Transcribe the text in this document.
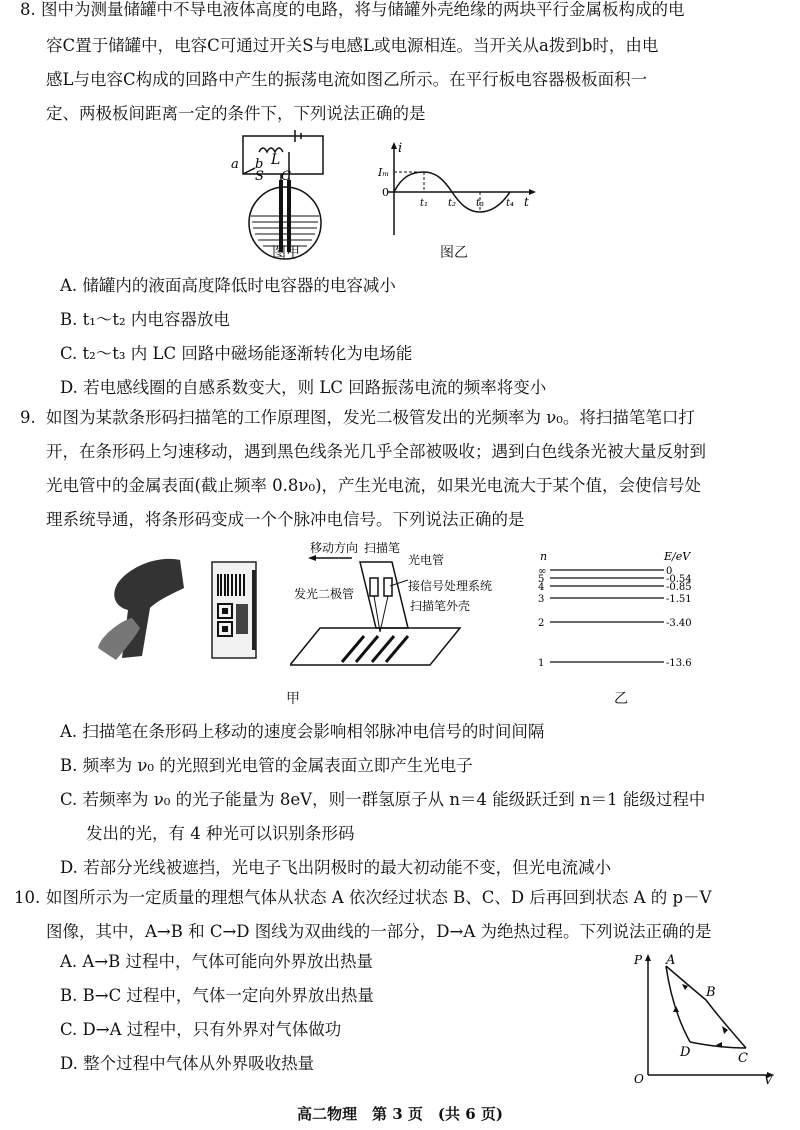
8. 图中为测量储罐中不导电液体高度的电路，将与储罐外壳绝缘的两块平行金属板构成的电
容C置于储罐中，电容C可通过开关S与电感L或电源相连。当开关从a拨到b时，由电
感L与电容C构成的回路中产生的振荡电流如图乙所示。在平行板电容器极板面积一
定、两极板间距离一定的条件下，下列说法正确的是
a b L
S C
图甲
i
Iₘ
0
t₁ t₂ t₃ t₄ t
图乙
A. 储罐内的液面高度降低时电容器的电容减小
B. t₁～t₂ 内电容器放电
C. t₂～t₃ 内 LC 回路中磁场能逐渐转化为电场能
D. 若电感线圈的自感系数变大，则 LC 回路振荡电流的频率将变小
9. 如图为某款条形码扫描笔的工作原理图，发光二极管发出的光频率为 ν₀。将扫描笔笔口打
开，在条形码上匀速移动，遇到黑色线条光几乎全部被吸收；遇到白色线条光被大量反射到
光电管中的金属表面(截止频率 0.8ν₀)，产生光电流，如果光电流大于某个值，会使信号处
理系统导通，将条形码变成一个个脉冲电信号。下列说法正确的是
移动方向 扫描笔
光电管
发光二极管
接信号处理系统
扫描笔外壳
甲
n	E/eV
∞	0
5	-0.54
4	-0.85
3	-1.51
2	-3.40
1	-13.6
乙
A. 扫描笔在条形码上移动的速度会影响相邻脉冲电信号的时间间隔
B. 频率为 ν₀ 的光照到光电管的金属表面立即产生光电子
C. 若频率为 ν₀ 的光子能量为 8eV，则一群氢原子从 n＝4 能级跃迁到 n＝1 能级过程中
发出的光，有 4 种光可以识别条形码
D. 若部分光线被遮挡，光电子飞出阴极时的最大初动能不变，但光电流减小
10. 如图所示为一定质量的理想气体从状态 A 依次经过状态 B、C、D 后再回到状态 A 的 p－V
图像，其中，A→B 和 C→D 图线为双曲线的一部分，D→A 为绝热过程。下列说法正确的是
A. A→B 过程中，气体可能向外界放出热量
B. B→C 过程中，气体一定向外界放出热量
C. D→A 过程中，只有外界对气体做功
D. 整个过程中气体从外界吸收热量
P
V
O
A
B
C
D
高二物理　第 3 页　(共 6 页)
